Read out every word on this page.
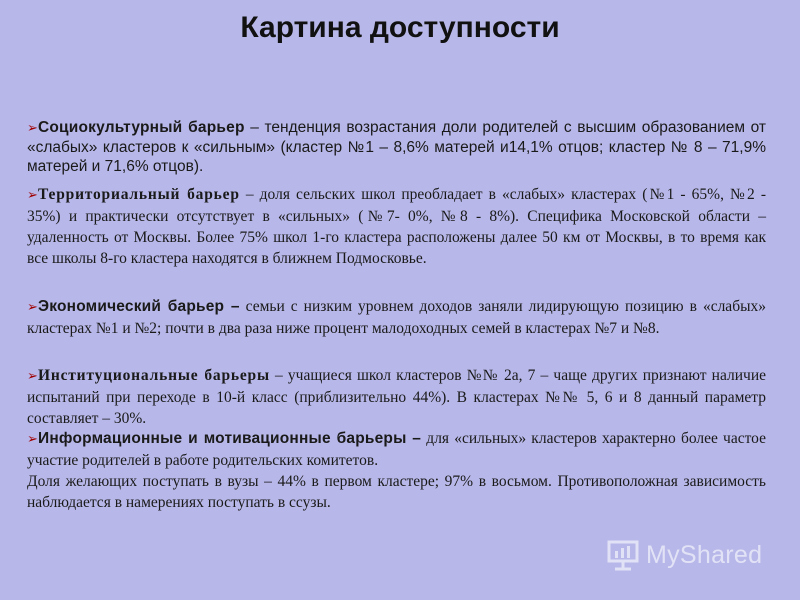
Картина доступности
➢Социокультурный барьер – тенденция возрастания доли родителей с высшим образованием от «слабых» кластеров к «сильным» (кластер №1 – 8,6% матерей и14,1% отцов; кластер № 8 – 71,9% матерей и 71,6% отцов).
➢Территориальный барьер – доля сельских школ преобладает в «слабых» кластерах (№1 - 65%, №2 - 35%) и практически отсутствует в «сильных» (№7- 0%, №8 - 8%). Специфика Московской области – удаленность от Москвы. Более 75% школ 1-го кластера расположены далее 50 км от Москвы, в то время как все школы 8-го кластера находятся в ближнем Подмосковье.
➢Экономический барьер – семьи с низким уровнем доходов заняли лидирующую позицию в «слабых» кластерах №1 и №2; почти в два раза ниже процент малодоходных семей в кластерах №7 и №8.
➢Институциональные барьеры – учащиеся школ кластеров №№ 2а, 7 – чаще других признают наличие испытаний при переходе в 10-й класс (приблизительно 44%). В кластерах №№ 5, 6 и 8 данный параметр составляет – 30%.
➢Информационные и мотивационные барьеры – для «сильных» кластеров характерно более частое участие родителей в работе родительских комитетов.
Доля желающих поступать в вузы – 44% в первом кластере; 97% в восьмом. Противоположная зависимость наблюдается в намерениях поступать в ссузы.
MyShared
